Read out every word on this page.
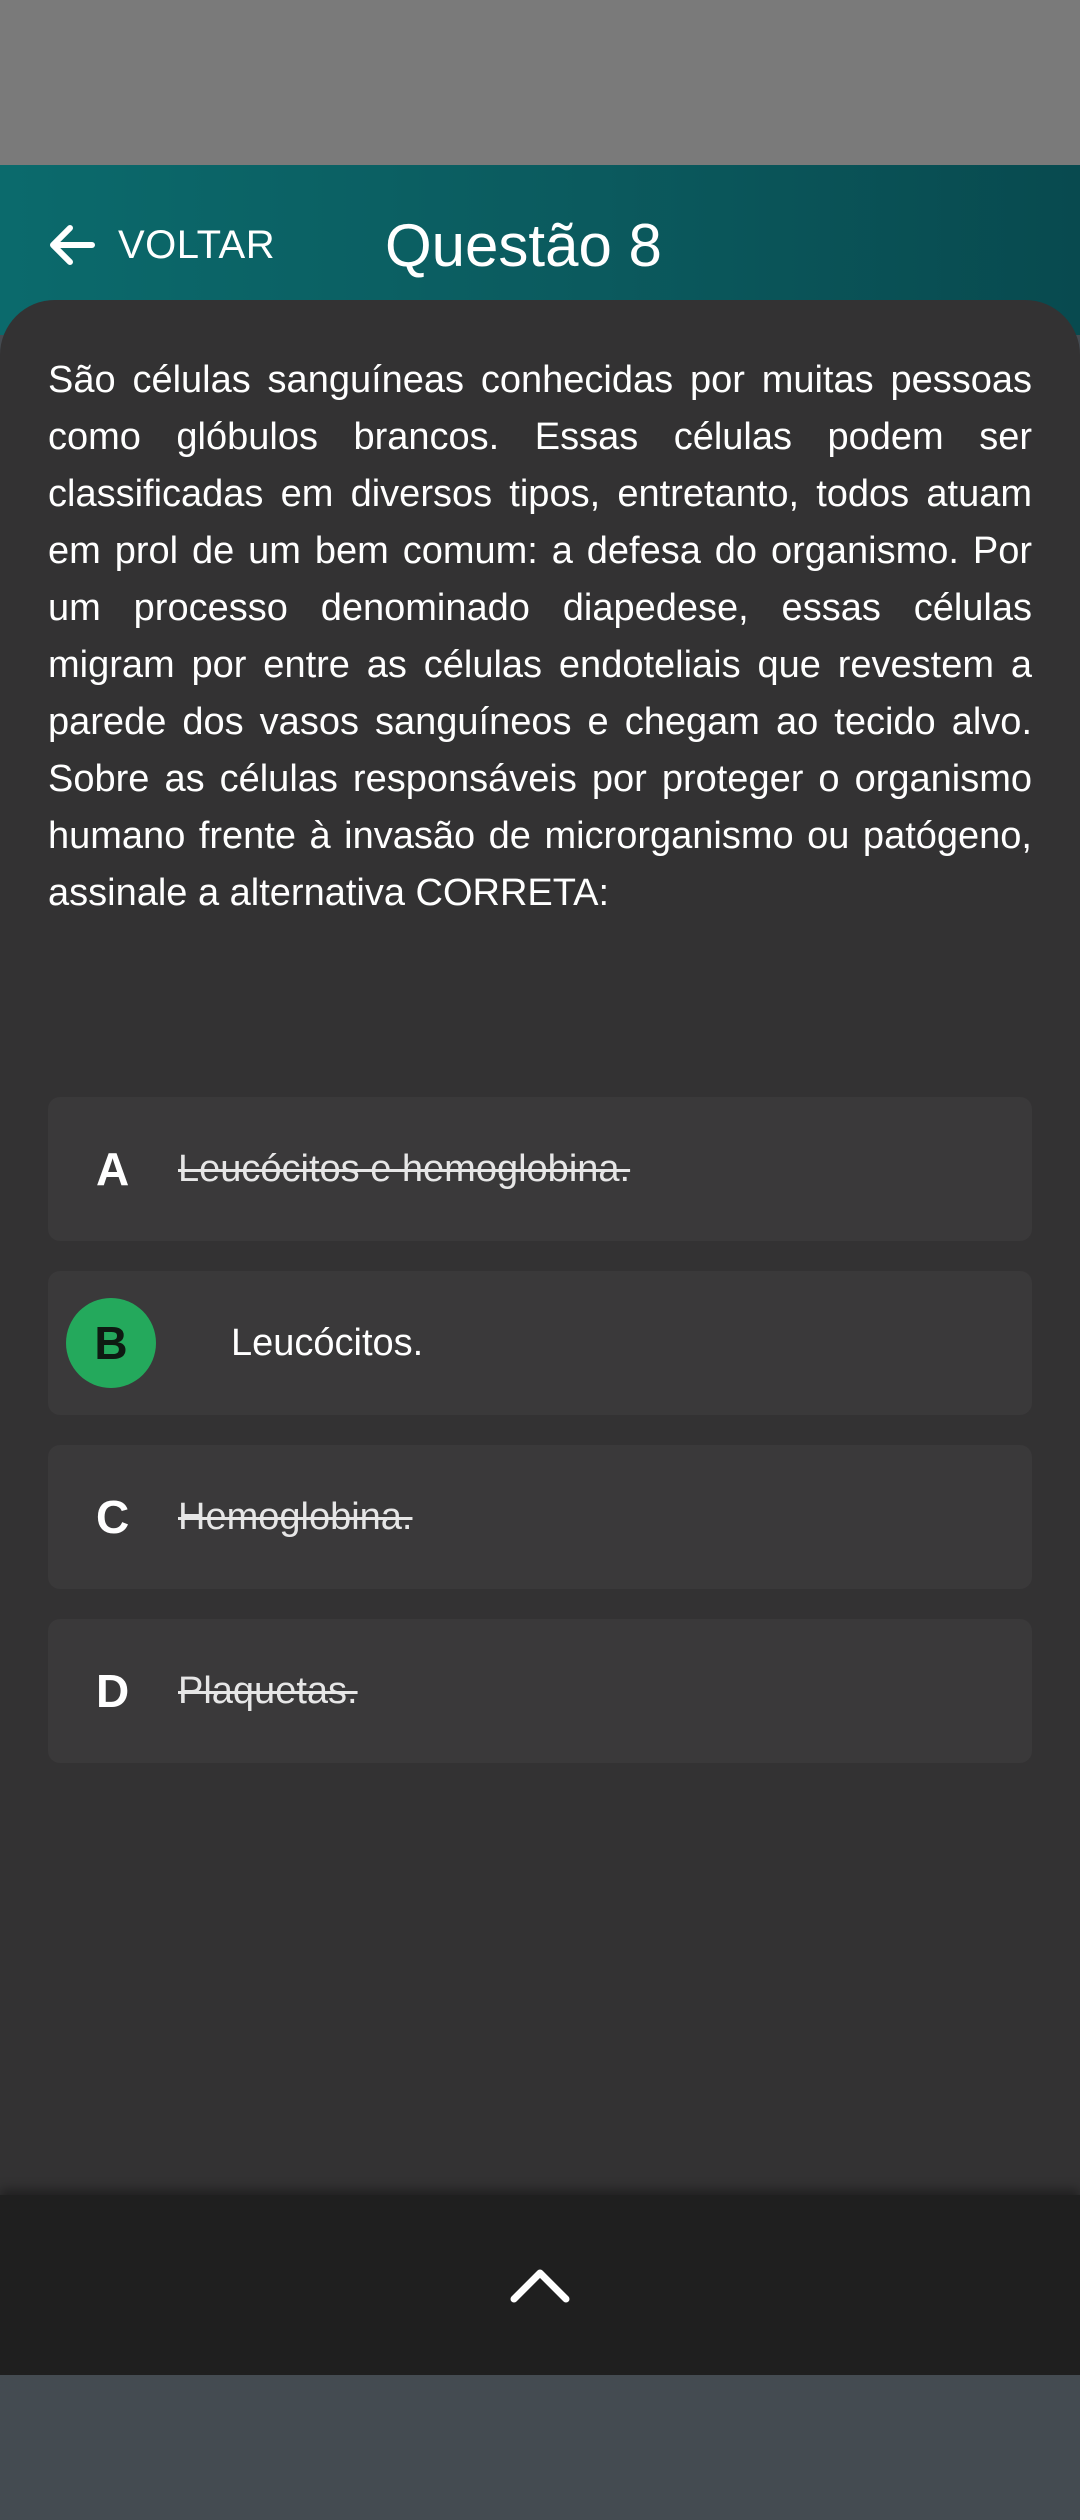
VOLTAR Questão 8

São células sanguíneas conhecidas por muitas pessoas como glóbulos brancos. Essas células podem ser classificadas em diversos tipos, entretanto, todos atuam em prol de um bem comum: a defesa do organismo. Por um processo denominado diapedese, essas células migram por entre as células endoteliais que revestem a parede dos vasos sanguíneos e chegam ao tecido alvo. Sobre as células responsáveis por proteger o organismo humano frente à invasão de microrganismo ou patógeno, assinale a alternativa CORRETA:

A Leucócitos e hemoglobina.
B	Leucócitos.
C Hemoglobina.
D Plaquetas.
